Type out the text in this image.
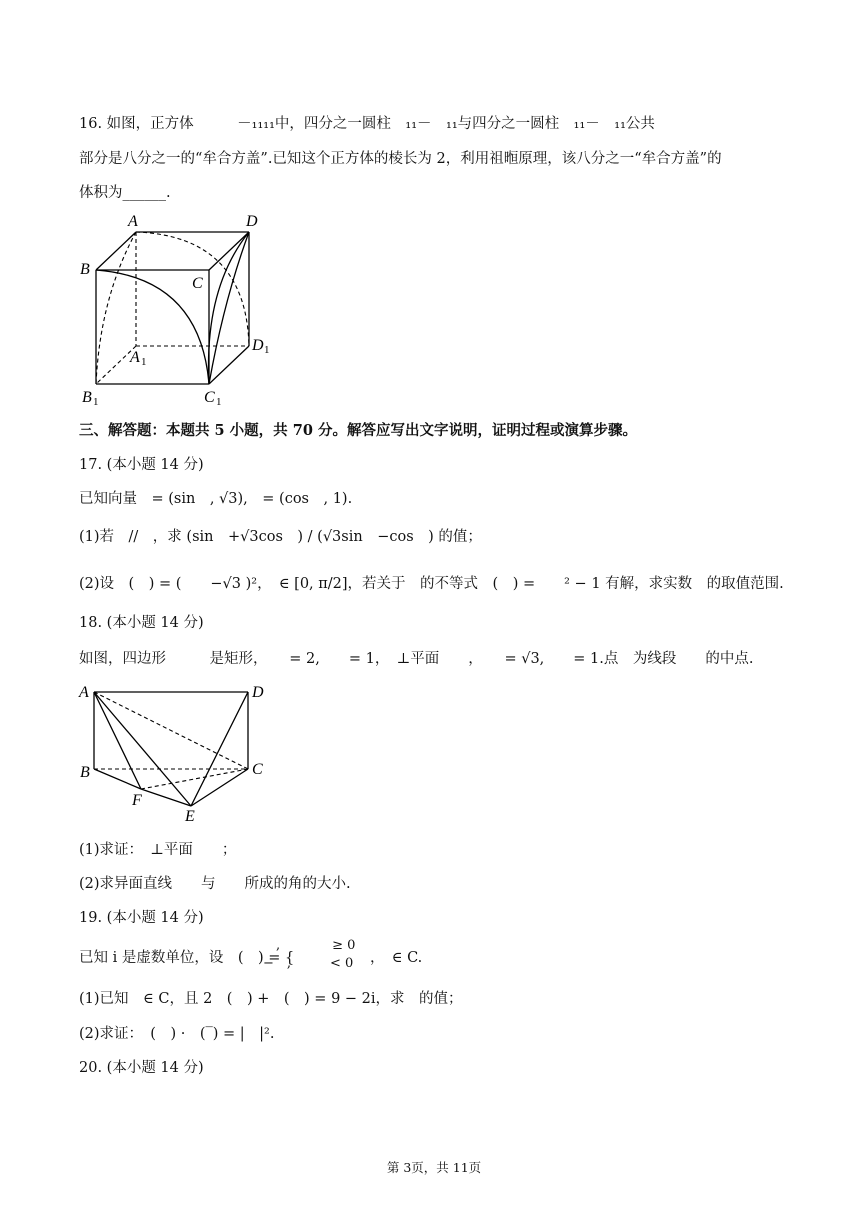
16. 如图，正方体　　　－₁₁₁₁中，四分之一圆柱　₁₁－　₁₁与四分之一圆柱　₁₁－　₁₁公共
部分是八分之一的“牟合方盖”.已知这个正方体的棱长为 2，利用祖暅原理，该八分之一“牟合方盖”的
体积为______.
A	D
B
C
A 1
D 1
B 1	C 1
三、解答题：本题共 5 小题，共 70 分。解答应写出文字说明，证明过程或演算步骤。
17. (本小题 14 分)
已知向量　= (sin　, √3),　= (cos　, 1).
(1)若　//　，求 (sin　+√3cos　) / (√3sin　−cos　) 的值；
(2)设　(　) = (　　−√3 )²，　∈ [0, π/2]，若关于　的不等式　(　) =　　² − 1 有解，求实数　的取值范围.
18. (本小题 14 分)
如图，四边形　　　是矩形，　　= 2,　　= 1，　⊥平面　　，　　= √3,　　= 1.点　为线段　　的中点.
A	D
B	C
F
E
(1)求证：　⊥平面　　；
(2)求异面直线　　与　　所成的角的大小.
19. (本小题 14 分)
已知 i 是虚数单位，设　(　) = {
　,　　　　≥ 0
−　,　　　< 0 ，　∈ C.
(1)已知　∈ C，且 2　(　) +　(　) = 9 − 2i，求　的值；
(2)求证：　(　) ·　(‾) = |　|².
20. (本小题 14 分)
第 3页，共 11页
